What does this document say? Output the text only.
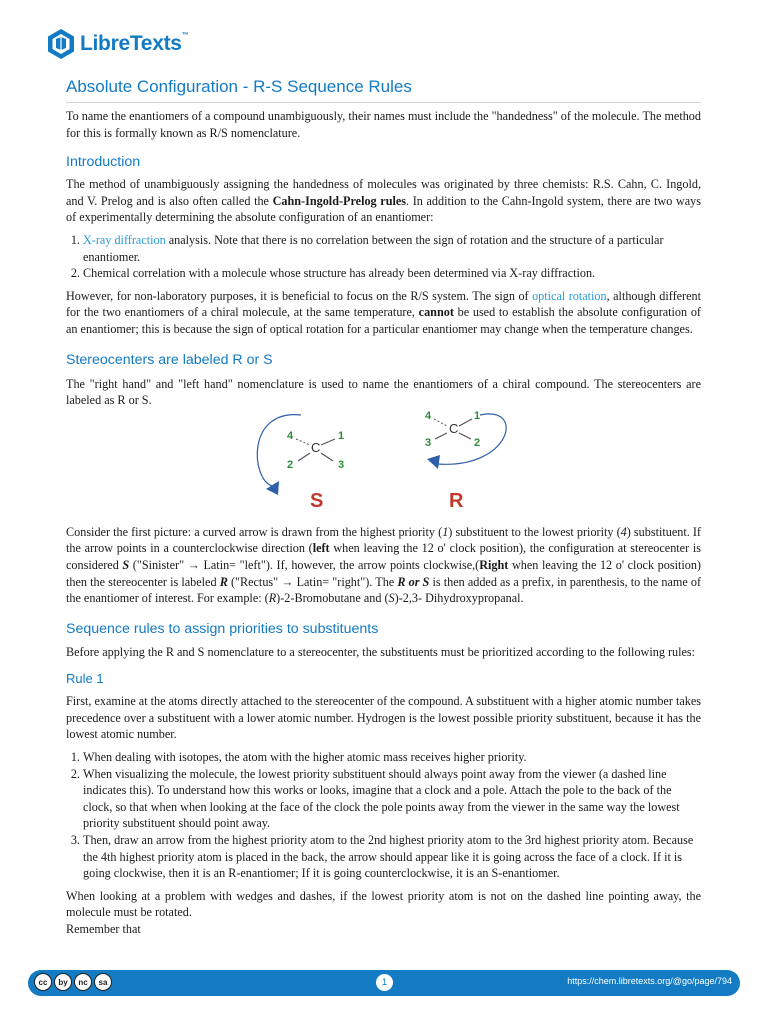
LibreTexts™
Absolute Configuration - R-S Sequence Rules

To name the enantiomers of a compound unambiguously, their names must include the "handedness" of the molecule. The method for this is formally known as R/S nomenclature.

Introduction

The method of unambiguously assigning the handedness of molecules was originated by three chemists: R.S. Cahn, C. Ingold, and V. Prelog and is also often called the Cahn-Ingold-Prelog rules. In addition to the Cahn-Ingold system, there are two ways of experimentally determining the absolute configuration of an enantiomer:

1. X-ray diffraction analysis. Note that there is no correlation between the sign of rotation and the structure of a particular enantiomer.
2. Chemical correlation with a molecule whose structure has already been determined via X-ray diffraction.

However, for non-laboratory purposes, it is beneficial to focus on the R/S system. The sign of optical rotation, although different for the two enantiomers of a chiral molecule, at the same temperature, cannot be used to establish the absolute configuration of an enantiomer; this is because the sign of optical rotation for a particular enantiomer may change when the temperature changes.

Stereocenters are labeled R or S

The "right hand" and "left hand" nomenclature is used to name the enantiomers of a chiral compound. The stereocenters are labeled as R or S.

C
4	1
2	3
S
C
4	1
3	2
R

Consider the first picture: a curved arrow is drawn from the highest priority (1) substituent to the lowest priority (4) substituent. If the arrow points in a counterclockwise direction (left when leaving the 12 o' clock position), the configuration at stereocenter is considered S ("Sinister" → Latin= "left"). If, however, the arrow points clockwise,(Right when leaving the 12 o' clock position) then the stereocenter is labeled R ("Rectus" → Latin= "right"). The R or S is then added as a prefix, in parenthesis, to the name of the enantiomer of interest. For example: (R)-2-Bromobutane and (S)-2,3- Dihydroxypropanal.

Sequence rules to assign priorities to substituents

Before applying the R and S nomenclature to a stereocenter, the substituents must be prioritized according to the following rules:

Rule 1

First, examine at the atoms directly attached to the stereocenter of the compound. A substituent with a higher atomic number takes precedence over a substituent with a lower atomic number. Hydrogen is the lowest possible priority substituent, because it has the lowest atomic number.

1. When dealing with isotopes, the atom with the higher atomic mass receives higher priority.
2. When visualizing the molecule, the lowest priority substituent should always point away from the viewer (a dashed line indicates this). To understand how this works or looks, imagine that a clock and a pole. Attach the pole to the back of the clock, so that when when looking at the face of the clock the pole points away from the viewer in the same way the lowest priority substituent should point away.
3. Then, draw an arrow from the highest priority atom to the 2nd highest priority atom to the 3rd highest priority atom. Because the 4th highest priority atom is placed in the back, the arrow should appear like it is going across the face of a clock. If it is going clockwise, then it is an R-enantiomer; If it is going counterclockwise, it is an S-enantiomer.

When looking at a problem with wedges and dashes, if the lowest priority atom is not on the dashed line pointing away, the molecule must be rotated.

Remember that

cc	by	nc	sa	1	https://chem.libretexts.org/@go/page/794
